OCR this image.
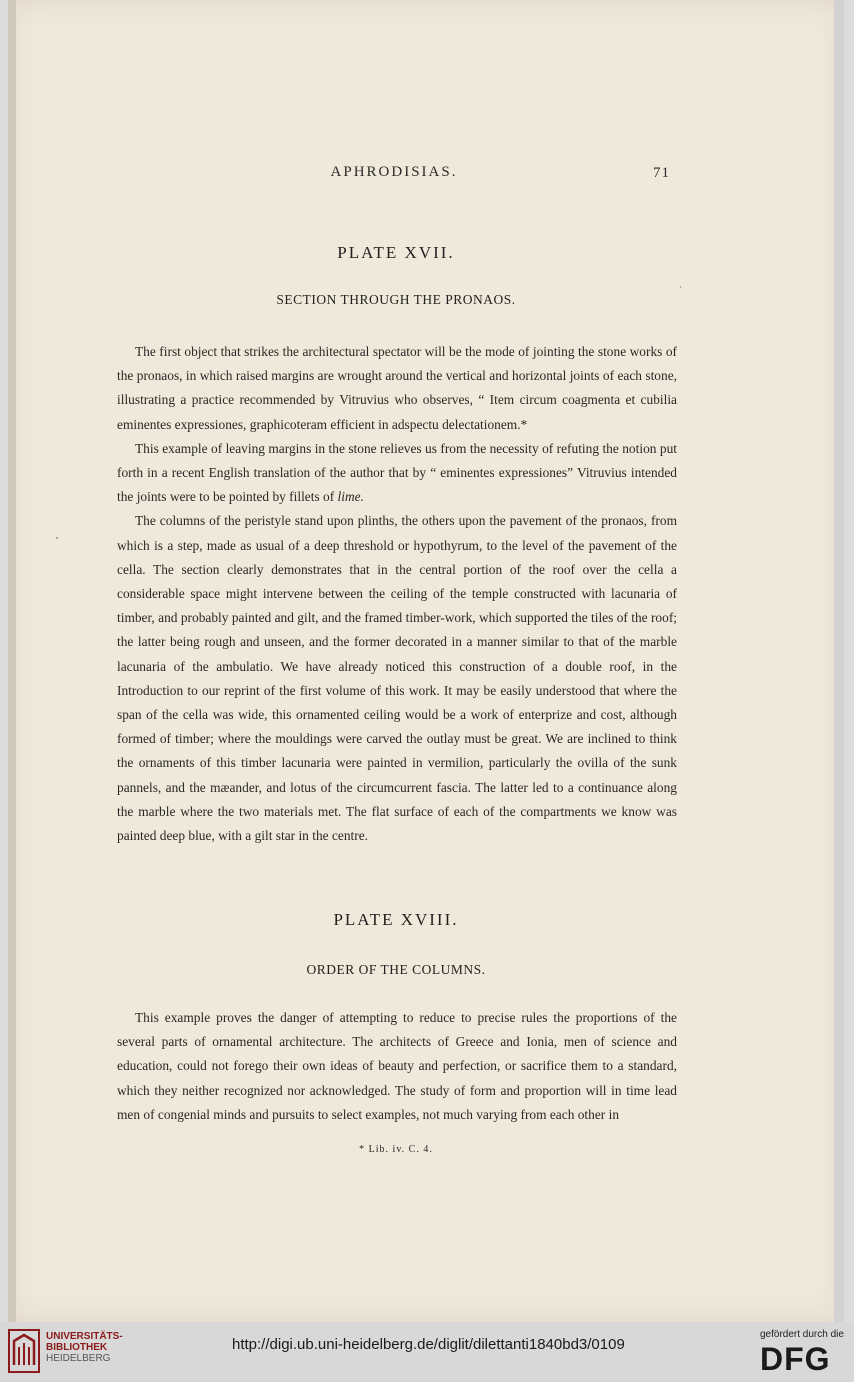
APHRODISIAS.	71
PLATE XVII.
SECTION THROUGH THE PRONAOS.

The first object that strikes the architectural spectator will be the mode of jointing the stone works of the pronaos, in which raised margins are wrought around the vertical and horizontal joints of each stone, illustrating a practice recommended by Vitruvius who observes, “ Item circum coagmenta et cubilia eminentes expressiones, graphicoteram efficient in adspectu delectationem.*

This example of leaving margins in the stone relieves us from the necessity of refuting the notion put forth in a recent English translation of the author that by “ eminentes expressiones” Vitruvius intended the joints were to be pointed by fillets of lime.

The columns of the peristyle stand upon plinths, the others upon the pavement of the pronaos, from which is a step, made as usual of a deep threshold or hypothyrum, to the level of the pavement of the cella. The section clearly demonstrates that in the central portion of the roof over the cella a considerable space might intervene between the ceiling of the temple constructed with lacunaria of timber, and probably painted and gilt, and the framed timber-work, which supported the tiles of the roof; the latter being rough and unseen, and the former decorated in a manner similar to that of the marble lacunaria of the ambulatio. We have already noticed this construction of a double roof, in the Introduction to our reprint of the first volume of this work. It may be easily understood that where the span of the cella was wide, this ornamented ceiling would be a work of enterprize and cost, although formed of timber; where the mouldings were carved the outlay must be great. We are inclined to think the ornaments of this timber lacunaria were painted in vermilion, particularly the ovilla of the sunk pannels, and the mæander, and lotus of the circumcurrent fascia. The latter led to a continuance along the marble where the two materials met. The flat surface of each of the compartments we know was painted deep blue, with a gilt star in the centre.

PLATE XVIII.
ORDER OF THE COLUMNS.

This example proves the danger of attempting to reduce to precise rules the proportions of the several parts of ornamental architecture. The architects of Greece and Ionia, men of science and education, could not forego their own ideas of beauty and perfection, or sacrifice them to a standard, which they neither recognized nor acknowledged. The study of form and proportion will in time lead men of congenial minds and pursuits to select examples, not much varying from each other in

* Lib. iv. C. 4.
UNIVERSITÄTS-
BIBLIOTHEK
HEIDELBERG
http://digi.ub.uni-heidelberg.de/diglit/dilettanti1840bd3/0109
gefördert durch die
DFG
